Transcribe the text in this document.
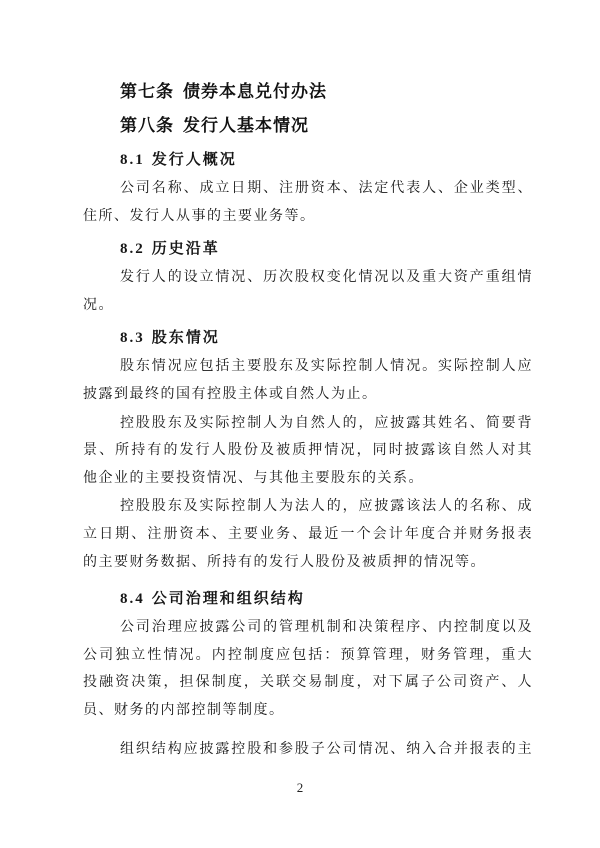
第七条 债券本息兑付办法
第八条 发行人基本情况
8.1 发行人概况
公司名称、成立日期、注册资本、法定代表人、企业类型、
住所、发行人从事的主要业务等。
8.2 历史沿革
发行人的设立情况、历次股权变化情况以及重大资产重组情
况。
8.3 股东情况
股东情况应包括主要股东及实际控制人情况。实际控制人应
披露到最终的国有控股主体或自然人为止。
控股股东及实际控制人为自然人的，应披露其姓名、简要背
景、所持有的发行人股份及被质押情况，同时披露该自然人对其
他企业的主要投资情况、与其他主要股东的关系。
控股股东及实际控制人为法人的，应披露该法人的名称、成
立日期、注册资本、主要业务、最近一个会计年度合并财务报表
的主要财务数据、所持有的发行人股份及被质押的情况等。
8.4 公司治理和组织结构
公司治理应披露公司的管理机制和决策程序、内控制度以及
公司独立性情况。内控制度应包括：预算管理，财务管理，重大
投融资决策，担保制度，关联交易制度，对下属子公司资产、人
员、财务的内部控制等制度。
组织结构应披露控股和参股子公司情况、纳入合并报表的主
2
